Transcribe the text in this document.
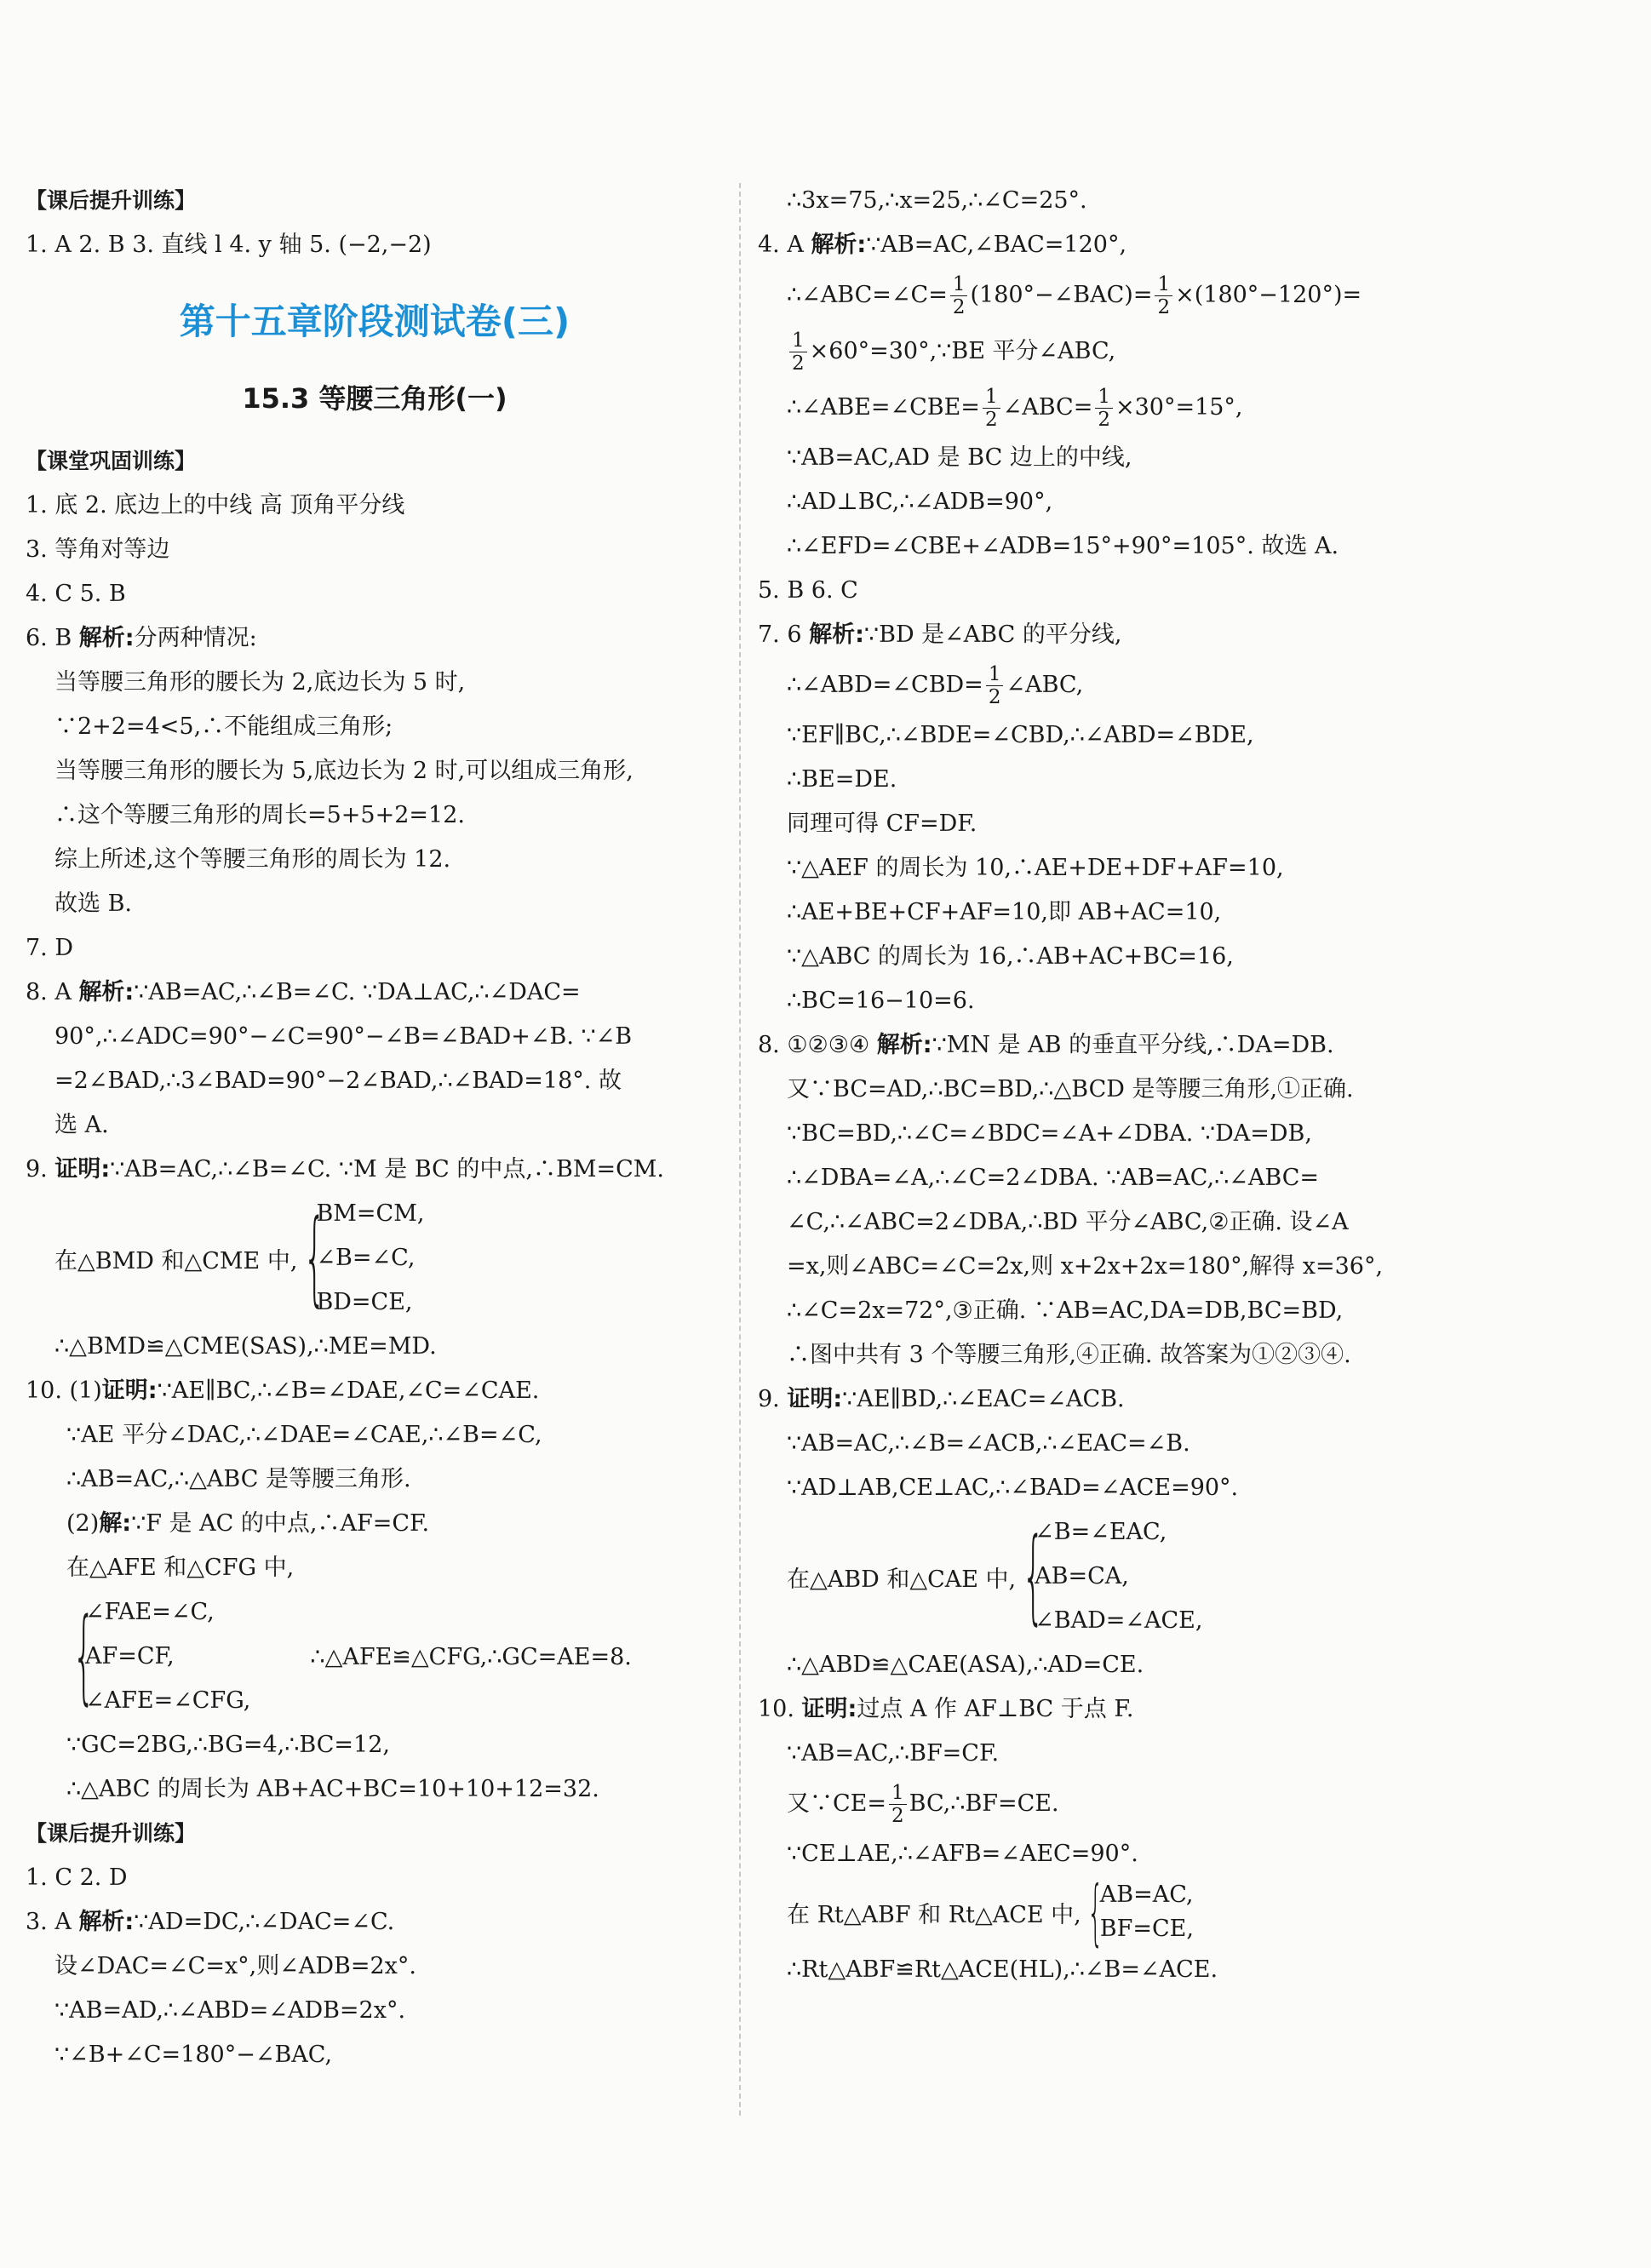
【课后提升训练】
1. A 2. B 3. 直线 l 4. y 轴 5. (−2,−2)
第十五章阶段测试卷(三)
15.3 等腰三角形(一)
【课堂巩固训练】
1. 底 2. 底边上的中线 高 顶角平分线
3. 等角对等边
4. C 5. B
6. B 解析:分两种情况:
当等腰三角形的腰长为 2,底边长为 5 时,
∵2+2=4<5,∴不能组成三角形;
当等腰三角形的腰长为 5,底边长为 2 时,可以组成三角形,
∴这个等腰三角形的周长=5+5+2=12.
综上所述,这个等腰三角形的周长为 12.
故选 B.
7. D
8. A 解析:∵AB=AC,∴∠B=∠C. ∵DA⊥AC,∴∠DAC=
90°,∴∠ADC=90°−∠C=90°−∠B=∠BAD+∠B. ∵∠B
=2∠BAD,∴3∠BAD=90°−2∠BAD,∴∠BAD=18°. 故
选 A.
9. 证明:∵AB=AC,∴∠B=∠C. ∵M 是 BC 的中点,∴BM=CM.
在△BMD 和△CME 中, {
BM=CM,
∠B=∠C,
BD=CE,
∴△BMD≌△CME(SAS),∴ME=MD.
10. (1)证明:∵AE∥BC,∴∠B=∠DAE,∠C=∠CAE.
∵AE 平分∠DAC,∴∠DAE=∠CAE,∴∠B=∠C,
∴AB=AC,∴△ABC 是等腰三角形.
(2)解:∵F 是 AC 的中点,∴AF=CF.
在△AFE 和△CFG 中,
{
∠FAE=∠C,
AF=CF,
∠AFE=∠CFG,
∴△AFE≌△CFG,∴GC=AE=8.
∵GC=2BG,∴BG=4,∴BC=12,
∴△ABC 的周长为 AB+AC+BC=10+10+12=32.
【课后提升训练】
1. C 2. D
3. A 解析:∵AD=DC,∴∠DAC=∠C.
设∠DAC=∠C=x°,则∠ADB=2x°.
∵AB=AD,∴∠ABD=∠ADB=2x°.
∵∠B+∠C=180°−∠BAC,
∴3x=75,∴x=25,∴∠C=25°.
4. A 解析:∵AB=AC,∠BAC=120°,
∴∠ABC=∠C= $\frac{1}{2}$ (180°−∠BAC)= $\frac{1}{2} \times(180^\circ-120^\circ)=$
$\frac{1}{2}$ ×60°=30°,∵BE 平分∠ABC,
∴∠ABE=∠CBE= $\frac{1}{2}$ ∠ABC= $\frac{1}{2} \times 30^\circ=15^\circ$,
∵AB=AC,AD 是 BC 边上的中线,
∴AD⊥BC,∴∠ADB=90°,
∴∠EFD=∠CBE+∠ADB=15°+90°=105°. 故选 A.
5. B 6. C
7. 6 解析:∵BD 是∠ABC 的平分线,
∴∠ABD=∠CBD= $\frac{1}{2}$ ∠ABC,
∵EF∥BC,∴∠BDE=∠CBD,∴∠ABD=∠BDE,
∴BE=DE.
同理可得 CF=DF.
∵△AEF 的周长为 10,∴AE+DE+DF+AF=10,
∴AE+BE+CF+AF=10,即 AB+AC=10,
∵△ABC 的周长为 16,∴AB+AC+BC=16,
∴BC=16−10=6.
8. ①②③④ 解析:∵MN 是 AB 的垂直平分线,∴DA=DB.
又∵BC=AD,∴BC=BD,∴△BCD 是等腰三角形,①正确.
∵BC=BD,∴∠C=∠BDC=∠A+∠DBA. ∵DA=DB,
∴∠DBA=∠A,∴∠C=2∠DBA. ∵AB=AC,∴∠ABC=
∠C,∴∠ABC=2∠DBA,∴BD 平分∠ABC,②正确. 设∠A
=x,则∠ABC=∠C=2x,则 x+2x+2x=180°,解得 x=36°,
∴∠C=2x=72°,③正确. ∵AB=AC,DA=DB,BC=BD,
∴图中共有 3 个等腰三角形,④正确. 故答案为①②③④.
9. 证明:∵AE∥BD,∴∠EAC=∠ACB.
∵AB=AC,∴∠B=∠ACB,∴∠EAC=∠B.
∵AD⊥AB,CE⊥AC,∴∠BAD=∠ACE=90°.
在△ABD 和△CAE 中, {
∠B=∠EAC,
AB=CA,
∠BAD=∠ACE,
∴△ABD≌△CAE(ASA),∴AD=CE.
10. 证明:过点 A 作 AF⊥BC 于点 F.
∵AB=AC,∴BF=CF.
又∵CE= $\frac{1}{2}$ BC,∴BF=CE.
∵CE⊥AE,∴∠AFB=∠AEC=90°.
在 Rt△ABF 和 Rt△ACE 中, {
AB=AC,
BF=CE,
∴Rt△ABF≌Rt△ACE(HL),∴∠B=∠ACE.
